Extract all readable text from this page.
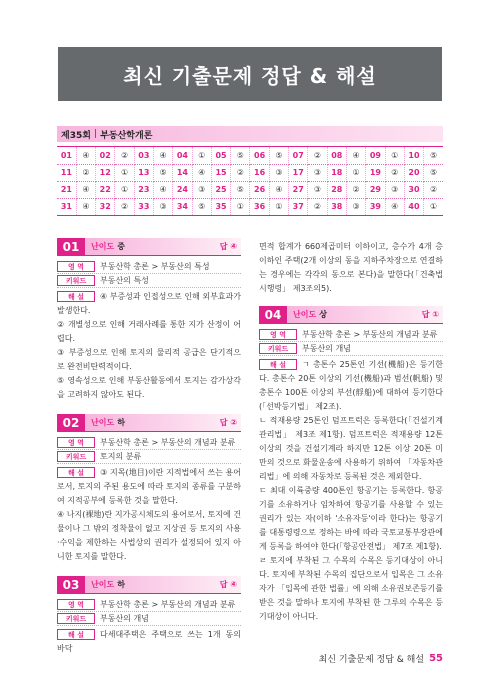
최신 기출문제 정답 & 해설
제35회 | 부동산학개론
01	④	02	②	03	④	04	①	05	⑤	06	⑤	07	②	08	④	09	①	10	⑤
11	②	12	①	13	⑤	14	④	15	②	16	③	17	③	18	①	19	②	20	⑤
21	④	22	①	23	④	24	③	25	⑤	26	④	27	③	28	②	29	③	30	②
31	④	32	②	33	③	34	⑤	35	①	36	①	37	②	38	③	39	④	40	①
01	난이도 중	답 ④
영 역	부동산학 총론 > 부동산의 특성
키워드	부동산의 특성

해 설 ④ 부증성과 인접성으로 인해 외부효과가 발생한다.

② 개별성으로 인해 거래사례를 통한 지가 산정이 어렵다.

③ 부증성으로 인해 토지의 물리적 공급은 단기적으로 완전비탄력적이다.

⑤ 영속성으로 인해 부동산활동에서 토지는 감가상각을 고려하지 않아도 된다.

02	난이도 하	답 ②
영 역	부동산학 총론 > 부동산의 개념과 분류
키워드	토지의 분류

해 설 ③ 지목(地目)이란 지적법에서 쓰는 용어로서, 토지의 주된 용도에 따라 토지의 종류를 구분하여 지적공부에 등록한 것을 말한다.

④ 나지(裸地)란 지가공시체도의 용어로서, 토지에 건물이나 그 밖의 정착물이 없고 지상권 등 토지의 사용·수익을 제한하는 사법상의 권리가 설정되어 있지 아니한 토지를 말한다.

03	난이도 하	답 ④
영 역	부동산학 총론 > 부동산의 개념과 분류
키워드	부동산의 개념

해 설 다세대주택은 주택으로 쓰는 1개 동의 바닥

면적 합계가 660제곱미터 이하이고, 층수가 4개 층 이하인 주택(2개 이상의 동을 지하주차장으로 연결하는 경우에는 각각의 동으로 본다)을 말한다(「건축법 시행령」 제3조의5).

04	난이도 상	답 ①
영 역	부동산학 총론 > 부동산의 개념과 분류
키워드	부동산의 개념

해 설 ㄱ 총톤수 25톤인 기선(機船)은 등기한다. 총톤수 20톤 이상의 기선(機船)과 범선(帆船) 및 총톤수 100톤 이상의 부선(艀船)에 대하여 등기한다(「선박등기법」 제2조).

ㄴ 적재용량 25톤인 덤프트럭은 등록한다(「건설기계관리법」 제3조 제1항). 덤프트럭은 적재용량 12톤 이상의 것을 건설기계라 하지만 12톤 이상 20톤 미만의 것으로 화물운송에 사용하기 위하여 「자동차관리법」에 의해 자동차로 등록된 것은 제외한다.

ㄷ 최대 이륙중량 400톤인 항공기는 등록한다. 항공기를 소유하거나 임차하여 항공기를 사용할 수 있는 권리가 있는 자(이하 '소유자등'이라 한다)는 항공기를 대통령령으로 정하는 바에 따라 국토교통부장관에게 등록을 하여야 한다(「항공안전법」 제7조 제1항).

ㄹ 토지에 부착된 그 수목의 수목은 등기대상이 아니다. 토지에 부착된 수목의 집단으로서 입목은 그 소유자가 「입목에 관한 법률」에 의해 소유권보존등기를 받은 것을 말하나 토지에 부착된 한 그루의 수목은 등기대상이 아니다.

최신 기출문제 정답 & 해설 55
